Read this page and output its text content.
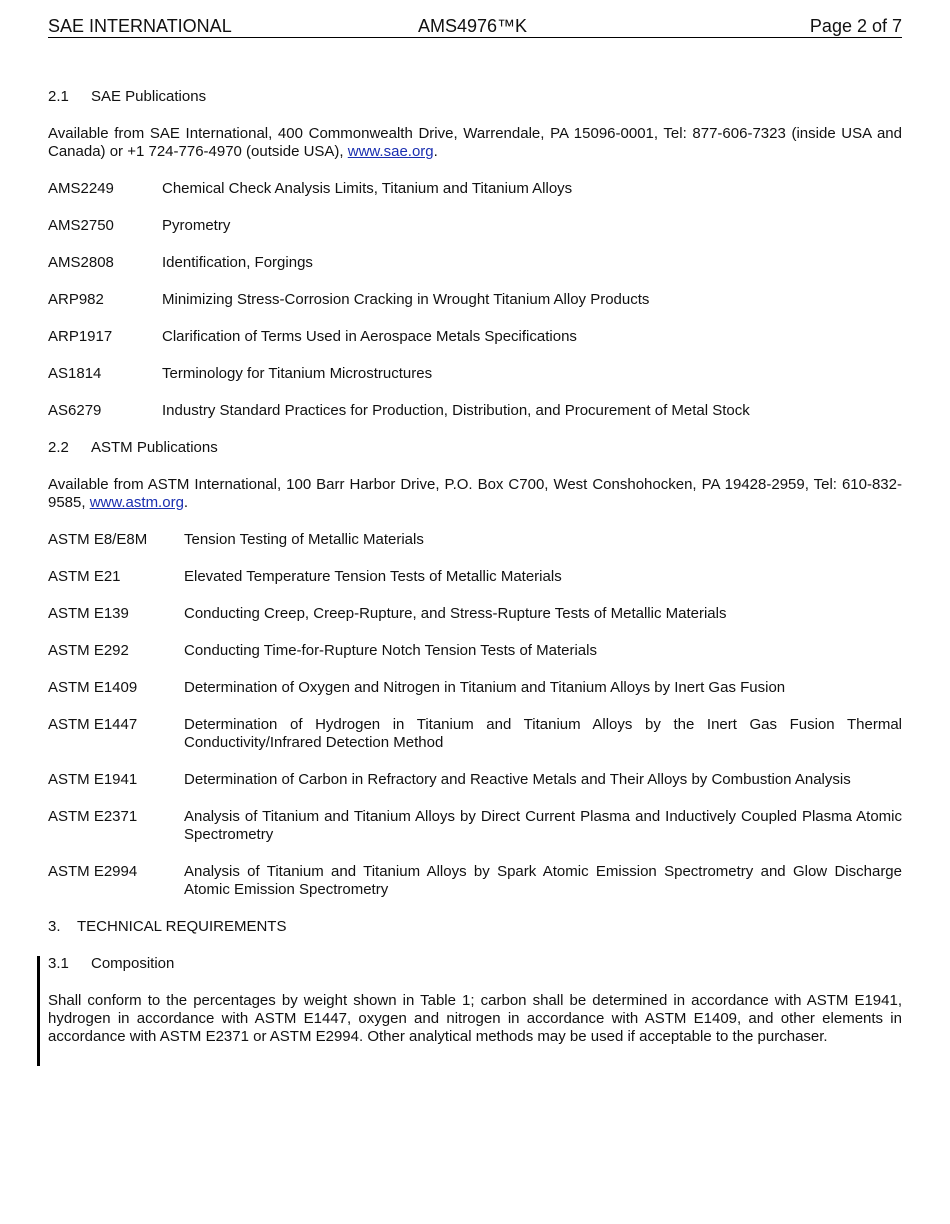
SAE INTERNATIONAL	AMS4976™K	Page 2 of 7
2.1	SAE Publications
Available from SAE International, 400 Commonwealth Drive, Warrendale, PA 15096-0001, Tel: 877-606-7323 (inside USA and Canada) or +1 724-776-4970 (outside USA), www.sae.org.
AMS2249	Chemical Check Analysis Limits, Titanium and Titanium Alloys
AMS2750	Pyrometry
AMS2808	Identification, Forgings
ARP982	Minimizing Stress-Corrosion Cracking in Wrought Titanium Alloy Products
ARP1917	Clarification of Terms Used in Aerospace Metals Specifications
AS1814	Terminology for Titanium Microstructures
AS6279	Industry Standard Practices for Production, Distribution, and Procurement of Metal Stock
2.2	ASTM Publications
Available from ASTM International, 100 Barr Harbor Drive, P.O. Box C700, West Conshohocken, PA 19428-2959, Tel: 610-832-9585, www.astm.org.
ASTM E8/E8M	Tension Testing of Metallic Materials
ASTM E21	Elevated Temperature Tension Tests of Metallic Materials
ASTM E139	Conducting Creep, Creep-Rupture, and Stress-Rupture Tests of Metallic Materials
ASTM E292	Conducting Time-for-Rupture Notch Tension Tests of Materials
ASTM E1409	Determination of Oxygen and Nitrogen in Titanium and Titanium Alloys by Inert Gas Fusion
ASTM E1447	Determination of Hydrogen in Titanium and Titanium Alloys by the Inert Gas Fusion Thermal Conductivity/Infrared Detection Method
ASTM E1941	Determination of Carbon in Refractory and Reactive Metals and Their Alloys by Combustion Analysis
ASTM E2371	Analysis of Titanium and Titanium Alloys by Direct Current Plasma and Inductively Coupled Plasma Atomic Spectrometry
ASTM E2994	Analysis of Titanium and Titanium Alloys by Spark Atomic Emission Spectrometry and Glow Discharge Atomic Emission Spectrometry
3.	TECHNICAL REQUIREMENTS
3.1	Composition
Shall conform to the percentages by weight shown in Table 1; carbon shall be determined in accordance with ASTM E1941, hydrogen in accordance with ASTM E1447, oxygen and nitrogen in accordance with ASTM E1409, and other elements in accordance with ASTM E2371 or ASTM E2994. Other analytical methods may be used if acceptable to the purchaser.
